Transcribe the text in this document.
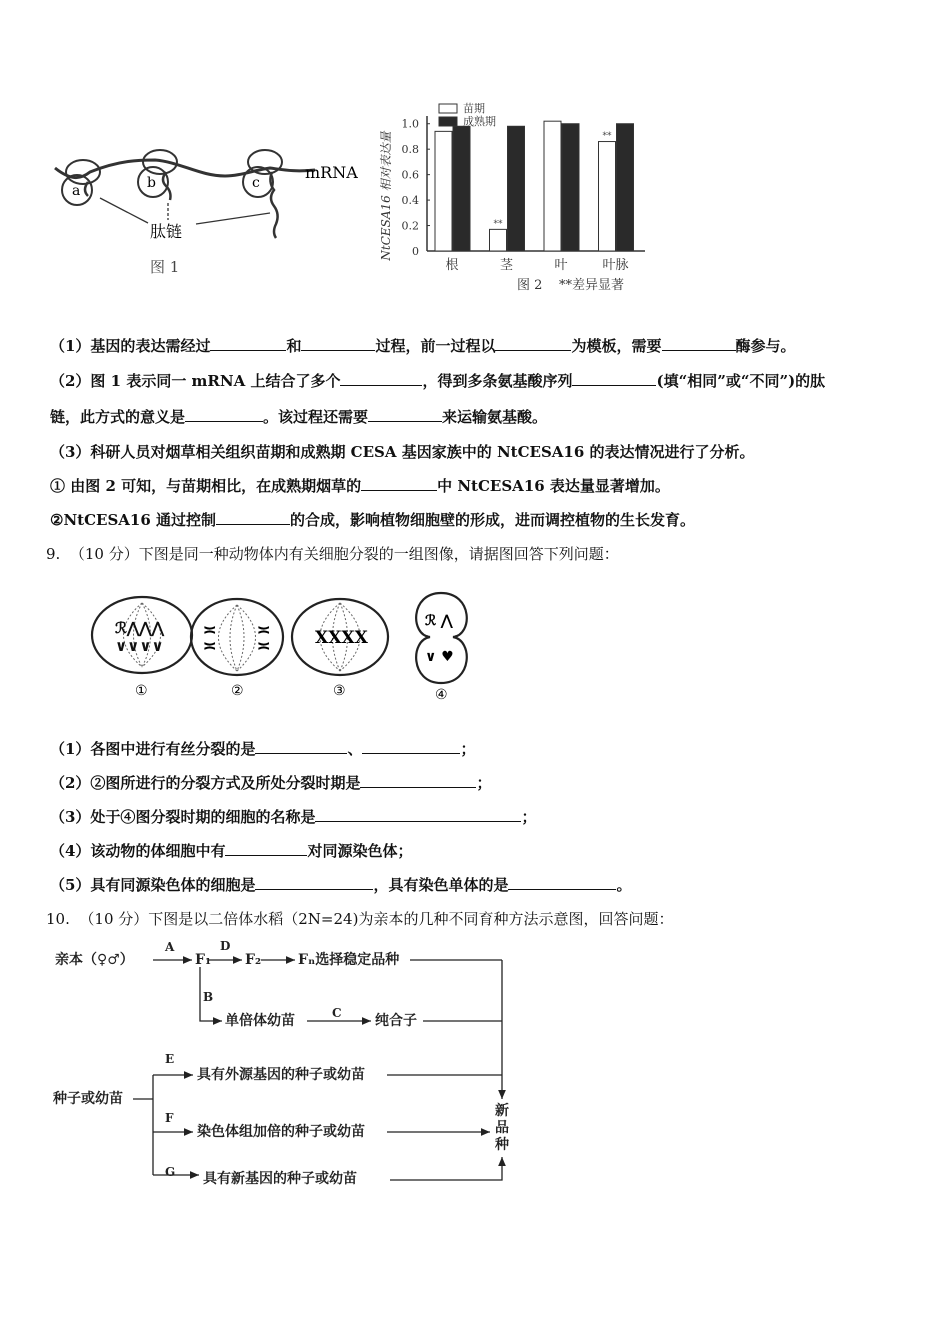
a	b	c
mRNA
肽链
图 1
0
0.2
0.4
0.6
0.8
1.0
NtCESA16 相对表达量
根
**
茎	叶
**
叶脉
苗期
成熟期
图 2 **差异显著
（1）基因的表达需经过	和	过程，前一过程以	为模板，需要	酶参与。
（2）图 1 表示同一 mRNA 上结合了多个	，得到多条氨基酸序列	(填“相同”或“不同”)的肽
链，此方式的意义是	。该过程还需要	来运输氨基酸。
（3）科研人员对烟草相关组织苗期和成熟期 CESA 基因家族中的 NtCESA16 的表达情况进行了分析。
① 由图 2 可知，与苗期相比，在成熟期烟草的	中 NtCESA16 表达量显著增加。
②NtCESA16 通过控制	的合成，影响植物细胞壁的形成，进而调控植物的生长发育。
9. （10 分）下图是同一种动物体内有关细胞分裂的一组图像，请据图回答下列问题：
ℛ⋀⋀⋀
∨∨∨∨
①
≍
≍
≍
≍
②
XXXX
③
ℛ ⋀
∨ ♥
④
（1）各图中进行有丝分裂的是	、	；
（2）②图所进行的分裂方式及所处分裂时期是	；
（3）处于④图分裂时期的细胞的名称是	；
（4）该动物的体细胞中有	对同源染色体；
（5）具有同源染色体的细胞是	，具有染色单体的是	。
10. （10 分）下图是以二倍体水稻（2N=24)为亲本的几种不同育种方法示意图，回答问题：
亲本（♀♂）	F₁ F₂	Fₙ选择稳定品种
单倍体幼苗	纯合子
种子或幼苗
具有外源基因的种子或幼苗
染色体组加倍的种子或幼苗
具有新基因的种子或幼苗
新
品
种
A	D
B
C
E
F
G
